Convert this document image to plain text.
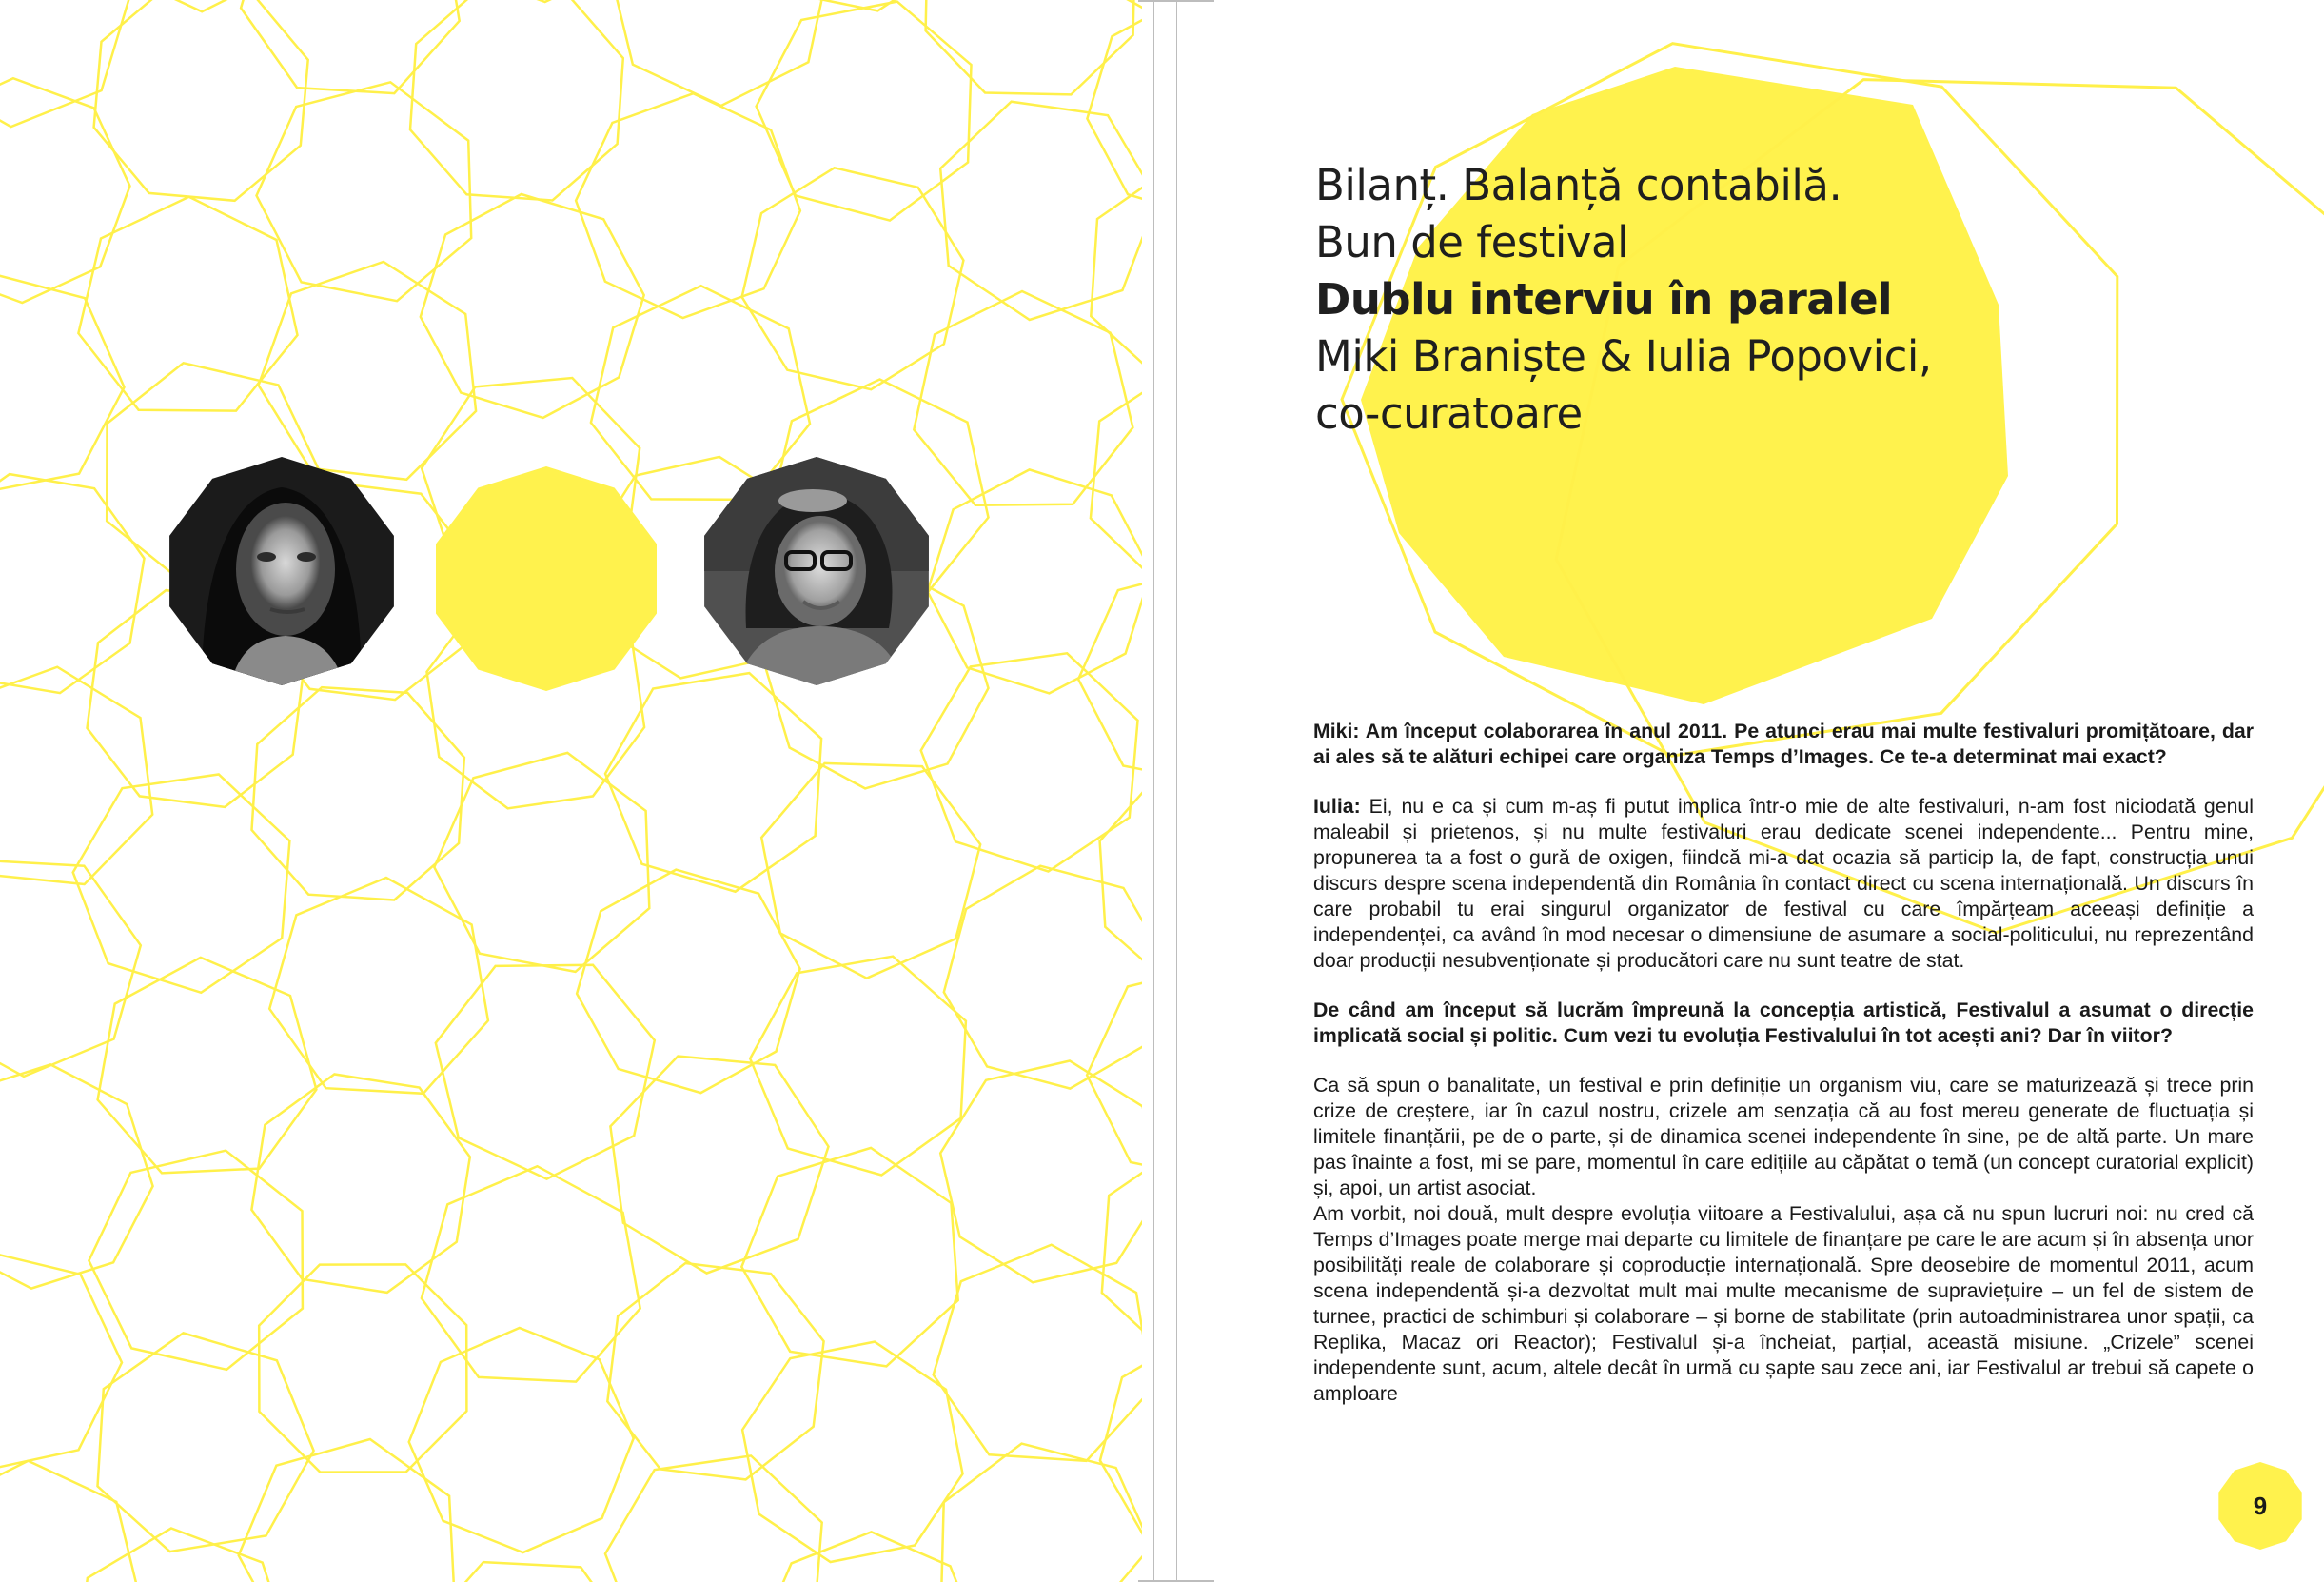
Bilanț. Balanță contabilă.
Bun de festival
Dublu interviu în paralel
Miki Braniște & Iulia Popovici,
co-curatoare

Miki: Am început colaborarea în anul 2011. Pe atunci erau mai multe festivaluri promițătoare, dar ai ales să te alături echipei care organiza Temps d’Images. Ce te-a determinat mai exact?

Iulia: Ei, nu e ca și cum m-aș fi putut implica într-o mie de alte festivaluri, n-am fost niciodată genul maleabil și prietenos, și nu multe festivaluri erau dedicate scenei independente... Pentru mine, propunerea ta a fost o gură de oxigen, fiindcă mi-a dat ocazia să particip la, de fapt, construcția unui discurs despre scena independentă din România în contact direct cu scena internațională. Un discurs în care probabil tu erai singurul organizator de festival cu care împărțeam aceeași definiție a independenței, ca având în mod necesar o dimensiune de asumare a social-politicului, nu reprezentând doar producții nesubvenționate și producători care nu sunt teatre de stat.

De când am început să lucrăm împreună la concepția artistică, Festivalul a asumat o direcție implicată social și politic. Cum vezi tu evoluția Festivalului în tot acești ani? Dar în viitor?

Ca să spun o banalitate, un festival e prin definiție un organism viu, care se maturizează și trece prin crize de creștere, iar în cazul nostru, crizele am senzația că au fost mereu generate de fluctuația și limitele finanțării, pe de o parte, și de dinamica scenei independente în sine, pe de altă parte. Un mare pas înainte a fost, mi se pare, momentul în care edițiile au căpătat o temă (un concept curatorial explicit) și, apoi, un artist asociat.

Am vorbit, noi două, mult despre evoluția viitoare a Festivalului, așa că nu spun lucruri noi: nu cred că Temps d’Images poate merge mai departe cu limitele de finanțare pe care le are acum și în absența unor posibilități reale de colaborare și coproducție internațională. Spre deosebire de momentul 2011, acum scena independentă și-a dezvoltat mult mai multe mecanisme de supraviețuire – un fel de sistem de turnee, practici de schimburi și colaborare – și borne de stabilitate (prin autoadministrarea unor spații, ca Replika, Macaz ori Reactor); Festivalul și-a încheiat, parțial, această misiune. „Crizele” scenei independente sunt, acum, altele decât în urmă cu șapte sau zece ani, iar Festivalul ar trebui să capete o amploare

9
